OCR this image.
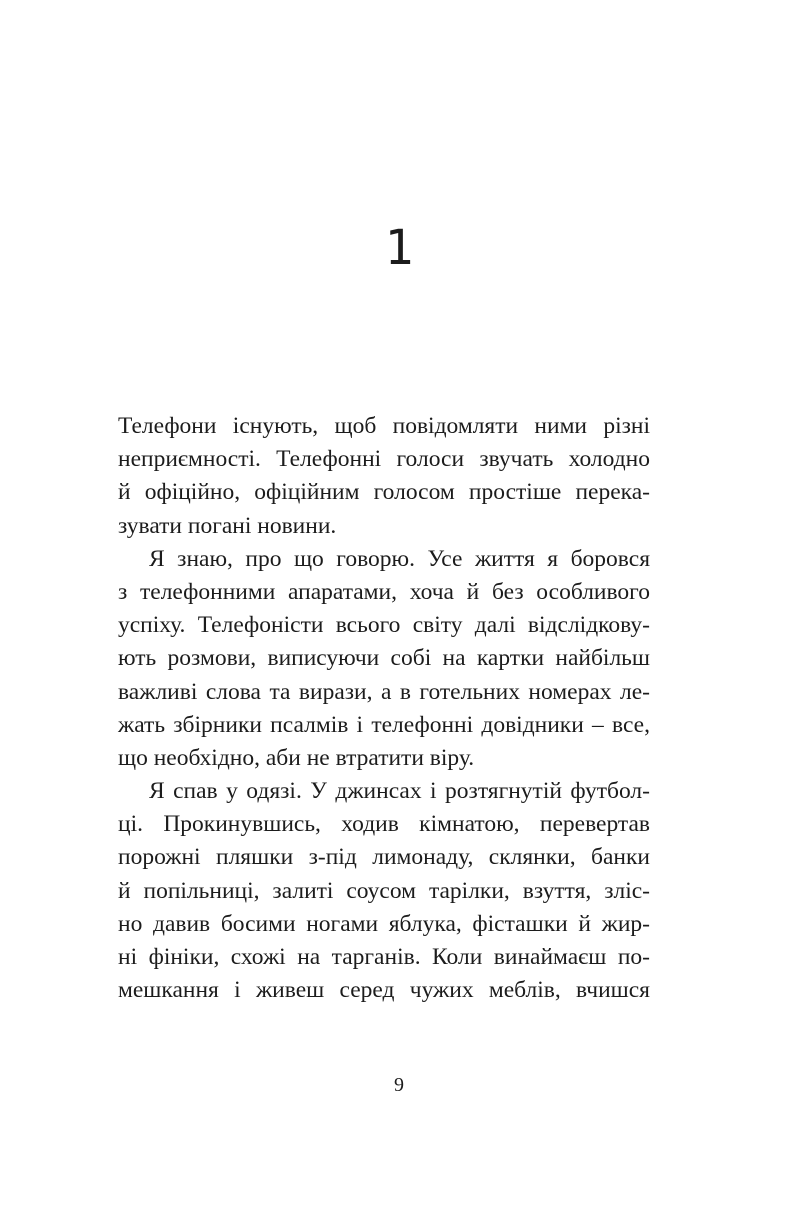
1
Телефони існують, щоб повідомляти ними різні
неприємності. Телефонні голоси звучать холодно
й офіційно, офіційним голосом простіше перека-
зувати погані новини.
Я знаю, про що говорю. Усе життя я боровся
з телефонними апаратами, хоча й без особливого
успіху. Телефоністи всього світу далі відслідкову-
ють розмови, виписуючи собі на картки найбільш
важливі слова та вирази, а в готельних номерах ле-
жать збірники псалмів і телефонні довідники – все,
що необхідно, аби не втратити віру.
Я спав у одязі. У джинсах і розтягнутій футбол-
ці. Прокинувшись, ходив кімнатою, перевертав
порожні пляшки з-під лимонаду, склянки, банки
й попільниці, залиті соусом тарілки, взуття, зліс-
но давив босими ногами яблука, фісташки й жир-
ні фініки, схожі на тарганів. Коли винаймаєш по-
мешкання і живеш серед чужих меблів, вчишся
9
